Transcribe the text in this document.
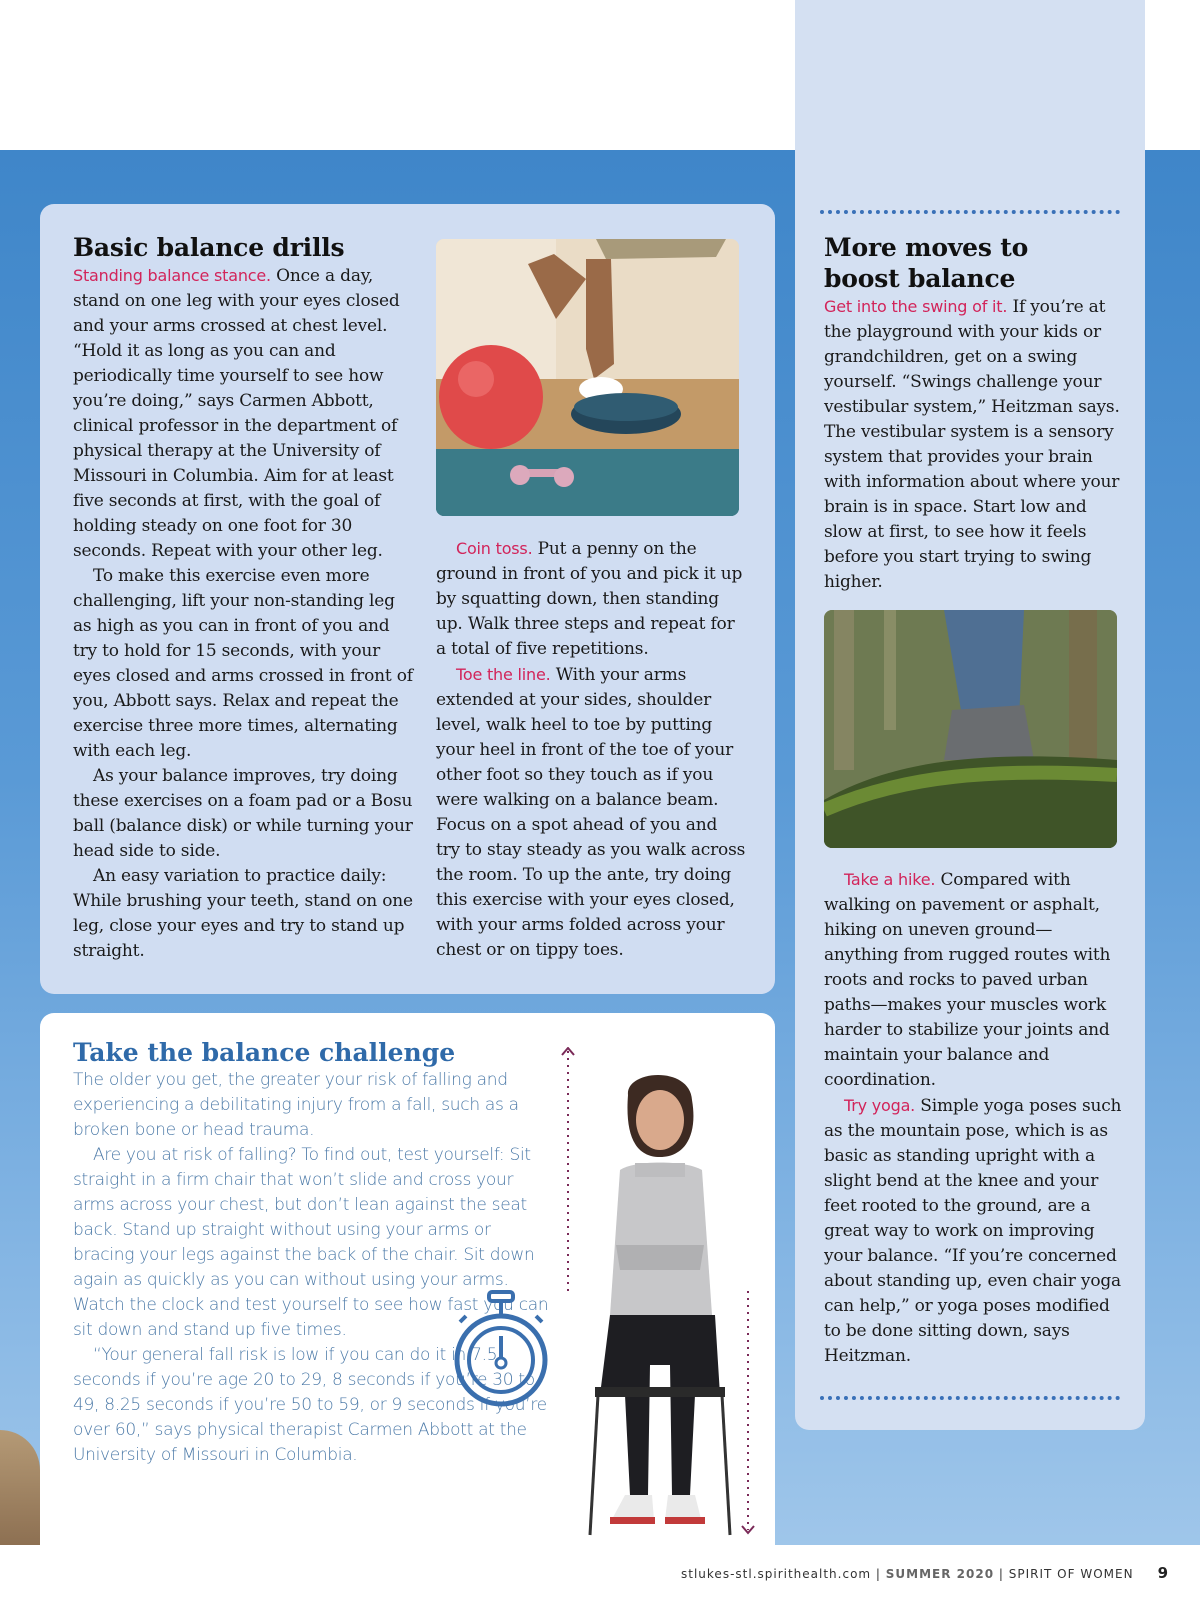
Basic balance drills

Standing balance stance. Once a day, stand on one leg with your eyes closed and your arms crossed at chest level. “Hold it as long as you can and periodically time yourself to see how you’re doing,” says Carmen Abbott, clinical professor in the department of physical therapy at the University of Missouri in Columbia. Aim for at least five seconds at first, with the goal of holding steady on one foot for 30 seconds. Repeat with your other leg.

To make this exercise even more challenging, lift your non-standing leg as high as you can in front of you and try to hold for 15 seconds, with your eyes closed and arms crossed in front of you, Abbott says. Relax and repeat the exercise three more times, alternating with each leg.

As your balance improves, try doing these exercises on a foam pad or a Bosu ball (balance disk) or while turning your head side to side.

An easy variation to practice daily: While brushing your teeth, stand on one leg, close your eyes and try to stand up straight.

Coin toss. Put a penny on the ground in front of you and pick it up by squatting down, then standing up. Walk three steps and repeat for a total of five repetitions.

Toe the line. With your arms extended at your sides, shoulder level, walk heel to toe by putting your heel in front of the toe of your other foot so they touch as if you were walking on a balance beam. Focus on a spot ahead of you and try to stay steady as you walk across the room. To up the ante, try doing this exercise with your eyes closed, with your arms folded across your chest or on tippy toes.

Take the balance challenge

The older you get, the greater your risk of falling and experiencing a debilitating injury from a fall, such as a broken bone or head trauma.

Are you at risk of falling? To find out, test yourself: Sit straight in a firm chair that won’t slide and cross your arms across your chest, but don’t lean against the seat back. Stand up straight without using your arms or bracing your legs against the back of the chair. Sit down again as quickly as you can without using your arms. Watch the clock and test yourself to see how fast you can sit down and stand up five times.

“Your general fall risk is low if you can do it in 7.5 seconds if you’re age 20 to 29, 8 seconds if you’re 30 to 49, 8.25 seconds if you’re 50 to 59, or 9 seconds if you’re over 60,” says physical therapist Carmen Abbott at the University of Missouri in Columbia.

More moves to boost balance

Get into the swing of it. If you’re at the playground with your kids or grandchildren, get on a swing yourself. “Swings challenge your vestibular system,” Heitzman says. The vestibular system is a sensory system that provides your brain with information about where your brain is in space. Start low and slow at first, to see how it feels before you start trying to swing higher.

Take a hike. Compared with walking on pavement or asphalt, hiking on uneven ground—anything from rugged routes with roots and rocks to paved urban paths—makes your muscles work harder to stabilize your joints and maintain your balance and coordination.

Try yoga. Simple yoga poses such as the mountain pose, which is as basic as standing upright with a slight bend at the knee and your feet rooted to the ground, are a great way to work on improving your balance. “If you’re concerned about standing up, even chair yoga can help,” or yoga poses modified to be done sitting down, says Heitzman.

stlukes-stl.spirithealth.com | SUMMER 2020 | SPIRIT OF WOMEN 9
